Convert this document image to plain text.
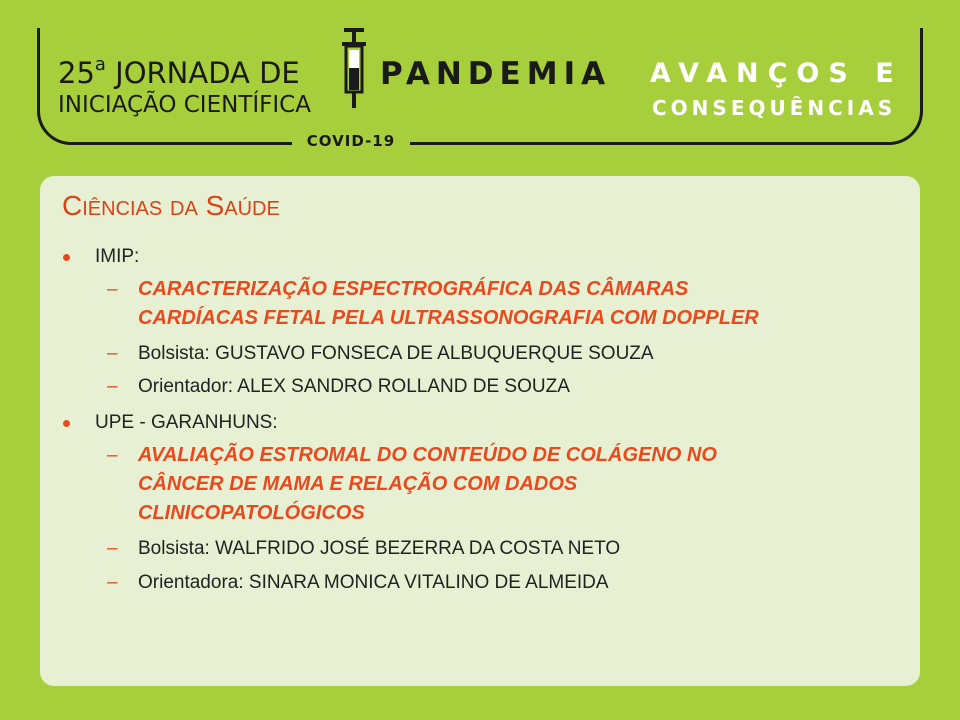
25$^a$ JORNADA DE
INICIAÇÃO CIENTÍFICA
PANDEMIA AVANÇOS E
CONSEQUÊNCIAS
COVID-19
Ciências da Saúde
IMIP:
– CARACTERIZAÇÃO ESPECTROGRÁFICA DAS CÂMARAS
CARDÍACAS FETAL PELA ULTRASSONOGRAFIA COM DOPPLER
– Bolsista: GUSTAVO FONSECA DE ALBUQUERQUE SOUZA
– Orientador: ALEX SANDRO ROLLAND DE SOUZA
UPE - GARANHUNS:
– AVALIAÇÃO ESTROMAL DO CONTEÚDO DE COLÁGENO NO
CÂNCER DE MAMA E RELAÇÃO COM DADOS
CLINICOPATOLÓGICOS
– Bolsista: WALFRIDO JOSÉ BEZERRA DA COSTA NETO
– Orientadora: SINARA MONICA VITALINO DE ALMEIDA
